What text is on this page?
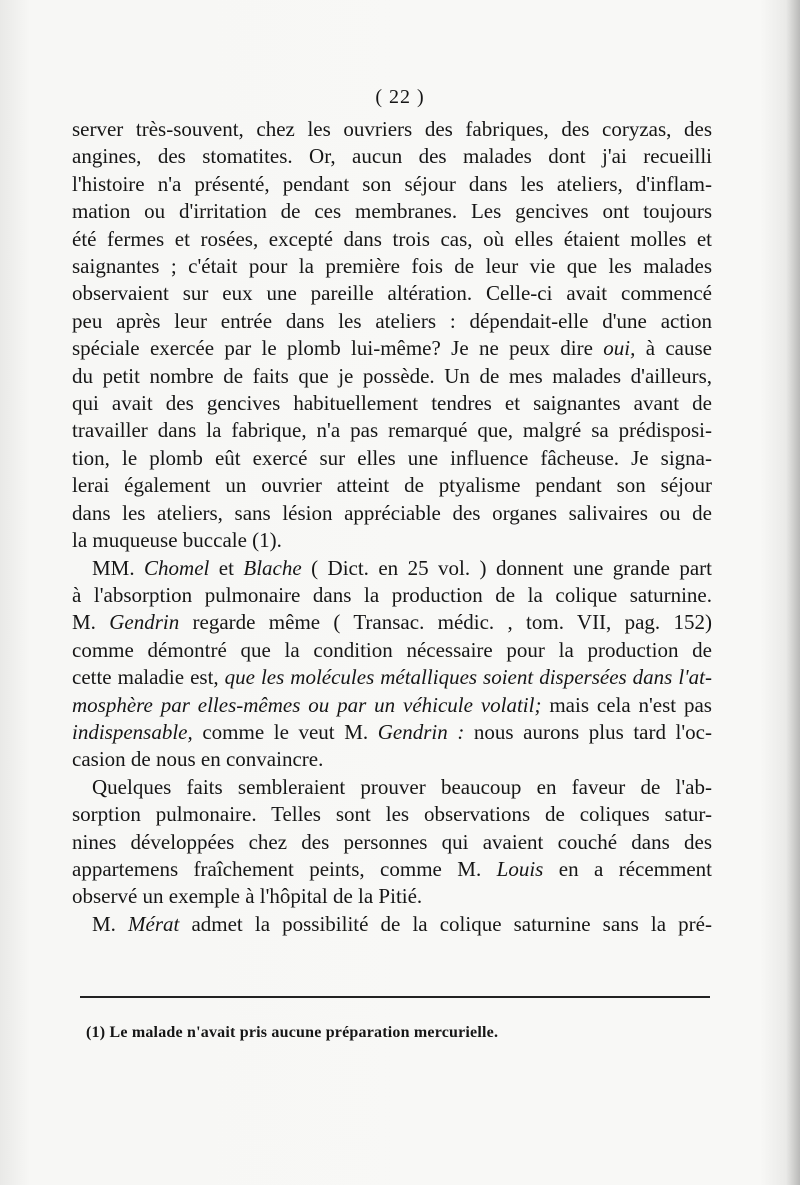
( 22 )
server très-souvent, chez les ouvriers des fabriques, des coryzas, des
angines, des stomatites. Or, aucun des malades dont j'ai recueilli
l'histoire n'a présenté, pendant son séjour dans les ateliers, d'inflam-
mation ou d'irritation de ces membranes. Les gencives ont toujours
été fermes et rosées, excepté dans trois cas, où elles étaient molles et
saignantes ; c'était pour la première fois de leur vie que les malades
observaient sur eux une pareille altération. Celle-ci avait commencé
peu après leur entrée dans les ateliers : dépendait-elle d'une action
spéciale exercée par le plomb lui-même? Je ne peux dire oui, à cause
du petit nombre de faits que je possède. Un de mes malades d'ailleurs,
qui avait des gencives habituellement tendres et saignantes avant de
travailler dans la fabrique, n'a pas remarqué que, malgré sa prédisposi-
tion, le plomb eût exercé sur elles une influence fâcheuse. Je signa-
lerai également un ouvrier atteint de ptyalisme pendant son séjour
dans les ateliers, sans lésion appréciable des organes salivaires ou de
la muqueuse buccale (1).
MM. Chomel et Blache ( Dict. en 25 vol. ) donnent une grande part
à l'absorption pulmonaire dans la production de la colique saturnine.
M. Gendrin regarde même ( Transac. médic. , tom. VII, pag. 152)
comme démontré que la condition nécessaire pour la production de
cette maladie est, que les molécules métalliques soient dispersées dans l'at-
mosphère par elles-mêmes ou par un véhicule volatil; mais cela n'est pas
indispensable, comme le veut M. Gendrin : nous aurons plus tard l'oc-
casion de nous en convaincre.
Quelques faits sembleraient prouver beaucoup en faveur de l'ab-
sorption pulmonaire. Telles sont les observations de coliques satur-
nines développées chez des personnes qui avaient couché dans des
appartemens fraîchement peints, comme M. Louis en a récemment
observé un exemple à l'hôpital de la Pitié.
M. Mérat admet la possibilité de la colique saturnine sans la pré-
(1) Le malade n'avait pris aucune préparation mercurielle.
